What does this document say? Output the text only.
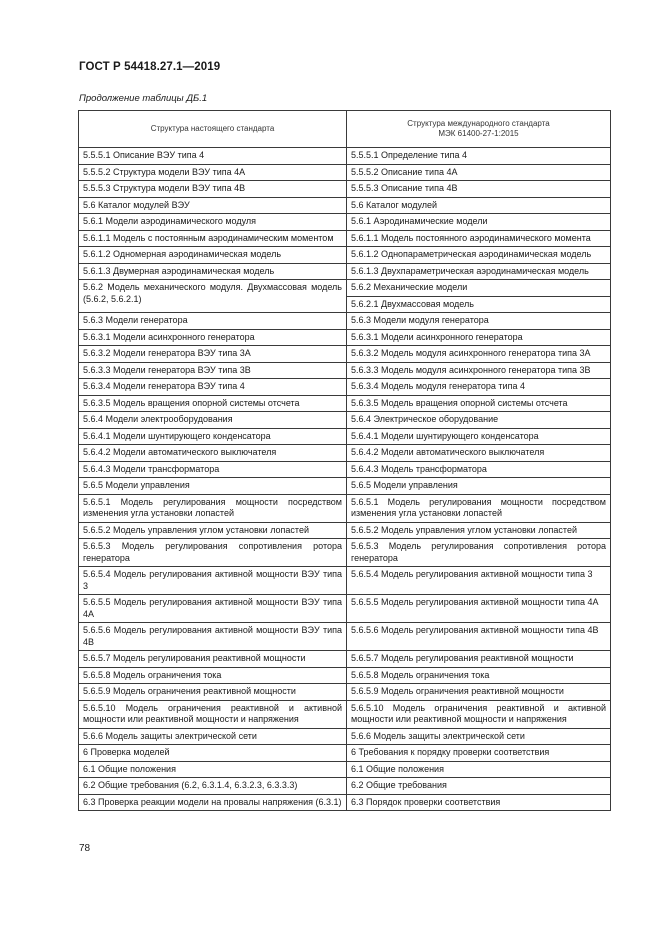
ГОСТ Р 54418.27.1—2019
Продолжение таблицы ДБ.1
Структура настоящего стандарта	Структура международного стандарта
МЭК 61400-27-1:2015
5.5.5.1 Описание ВЭУ типа 4	5.5.5.1 Определение типа 4
5.5.5.2 Структура модели ВЭУ типа 4А	5.5.5.2 Описание типа 4А
5.5.5.3 Структура модели ВЭУ типа 4В	5.5.5.3 Описание типа 4В
5.6 Каталог модулей ВЭУ	5.6 Каталог модулей
5.6.1 Модели аэродинамического модуля	5.6.1 Аэродинамические модели
5.6.1.1 Модель с постоянным аэродинамическим моментом	5.6.1.1 Модель постоянного аэродинамического момента
5.6.1.2 Одномерная аэродинамическая модель	5.6.1.2 Однопараметрическая аэродинамическая модель
5.6.1.3 Двумерная аэродинамическая модель	5.6.1.3 Двухпараметрическая аэродинамическая модель
5.6.2 Модель механического модуля. Двухмассовая модель (5.6.2, 5.6.2.1)	5.6.2 Механические модели
	5.6.2.1 Двухмассовая модель
5.6.3 Модели генератора	5.6.3 Модели модуля генератора
5.6.3.1 Модели асинхронного генератора	5.6.3.1 Модели асинхронного генератора
5.6.3.2 Модели генератора ВЭУ типа 3А	5.6.3.2 Модель модуля асинхронного генератора типа 3А
5.6.3.3 Модели генератора ВЭУ типа 3В	5.6.3.3 Модель модуля асинхронного генератора типа 3В
5.6.3.4 Модели генератора ВЭУ типа 4	5.6.3.4 Модель модуля генератора типа 4
5.6.3.5 Модель вращения опорной системы отсчета	5.6.3.5 Модель вращения опорной системы отсчета
5.6.4 Модели электрооборудования	5.6.4 Электрическое оборудование
5.6.4.1 Модели шунтирующего конденсатора	5.6.4.1 Модели шунтирующего конденсатора
5.6.4.2 Модели автоматического выключателя	5.6.4.2 Модели автоматического выключателя
5.6.4.3 Модели трансформатора	5.6.4.3 Модель трансформатора
5.6.5 Модели управления	5.6.5 Модели управления
5.6.5.1 Модель регулирования мощности посредством изменения угла установки лопастей	5.6.5.1 Модель регулирования мощности посредством изменения угла установки лопастей
5.6.5.2 Модель управления углом установки лопастей	5.6.5.2 Модель управления углом установки лопастей
5.6.5.3 Модель регулирования сопротивления ротора генератора	5.6.5.3 Модель регулирования сопротивления ротора генератора
5.6.5.4 Модель регулирования активной мощности ВЭУ типа 3	5.6.5.4 Модель регулирования активной мощности типа 3
5.6.5.5 Модель регулирования активной мощности ВЭУ типа 4А	5.6.5.5 Модель регулирования активной мощности типа 4А
5.6.5.6 Модель регулирования активной мощности ВЭУ типа 4В	5.6.5.6 Модель регулирования активной мощности типа 4В
5.6.5.7 Модель регулирования реактивной мощности	5.6.5.7 Модель регулирования реактивной мощности
5.6.5.8 Модель ограничения тока	5.6.5.8 Модель ограничения тока
5.6.5.9 Модель ограничения реактивной мощности	5.6.5.9 Модель ограничения реактивной мощности
5.6.5.10 Модель ограничения реактивной и активной мощности или реактивной мощности и напряжения	5.6.5.10 Модель ограничения реактивной и активной мощности или реактивной мощности и напряжения
5.6.6 Модель защиты электрической сети	5.6.6 Модель защиты электрической сети
6 Проверка моделей	6 Требования к порядку проверки соответствия
6.1 Общие положения	6.1 Общие положения
6.2 Общие требования (6.2, 6.3.1.4, 6.3.2.3, 6.3.3.3)	6.2 Общие требования
6.3 Проверка реакции модели на провалы напряжения (6.3.1)	6.3 Порядок проверки соответствия
78
